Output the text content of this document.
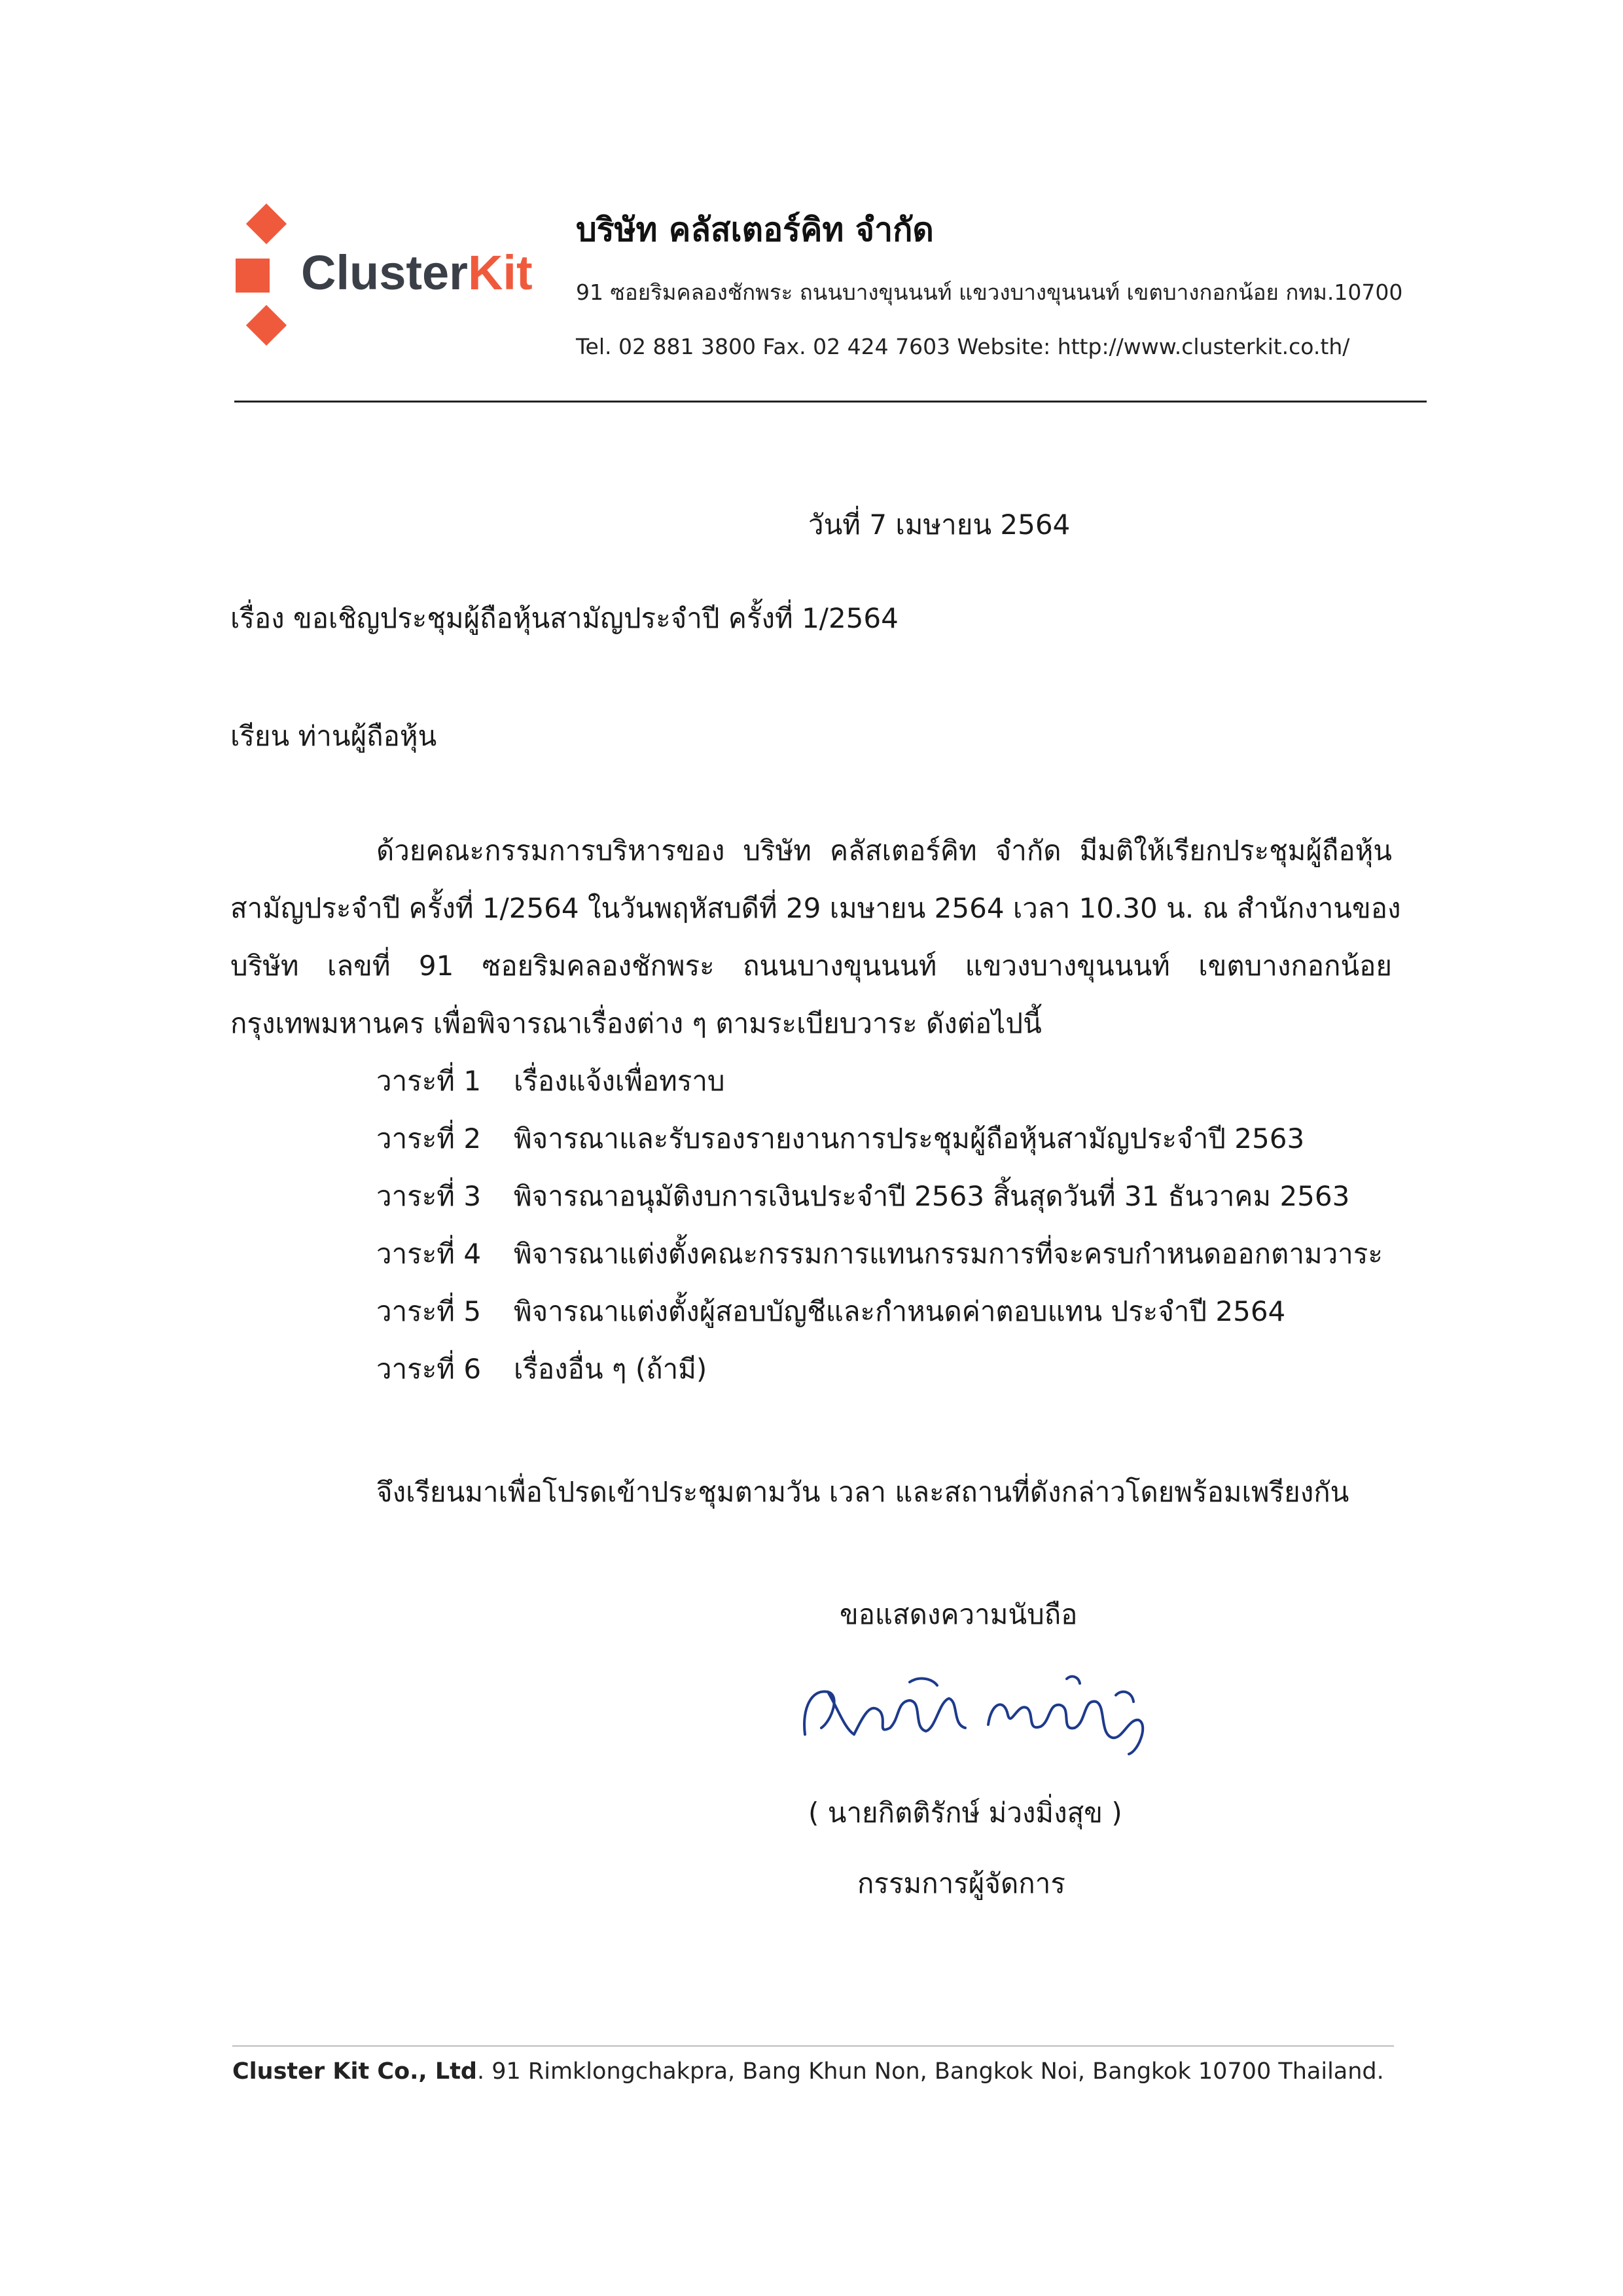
ClusterKit
บริษัท คลัสเตอร์คิท จำกัด
91 ซอยริมคลองชักพระ ถนนบางขุนนนท์ แขวงบางขุนนนท์ เขตบางกอกน้อย กทม.10700
Tel. 02 881 3800 Fax. 02 424 7603 Website: http://www.clusterkit.co.th/
วันที่ 7 เมษายน 2564
เรื่อง ขอเชิญประชุมผู้ถือหุ้นสามัญประจำปี ครั้งที่ 1/2564
เรียน ท่านผู้ถือหุ้น
ด้วยคณะกรรมการบริหารของ บริษัท คลัสเตอร์คิท จำกัด มีมติให้เรียกประชุมผู้ถือหุ้น
สามัญประจำปี ครั้งที่ 1/2564 ในวันพฤหัสบดีที่ 29 เมษายน 2564 เวลา 10.30 น. ณ สำนักงานของ
บริษัท เลขที่ 91 ซอยริมคลองชักพระ ถนนบางขุนนนท์ แขวงบางขุนนนท์ เขตบางกอกน้อย
กรุงเทพมหานคร เพื่อพิจารณาเรื่องต่าง ๆ ตามระเบียบวาระ ดังต่อไปนี้
วาระที่ 1 เรื่องแจ้งเพื่อทราบ
วาระที่ 2 พิจารณาและรับรองรายงานการประชุมผู้ถือหุ้นสามัญประจำปี 2563
วาระที่ 3 พิจารณาอนุมัติงบการเงินประจำปี 2563 สิ้นสุดวันที่ 31 ธันวาคม 2563
วาระที่ 4 พิจารณาแต่งตั้งคณะกรรมการแทนกรรมการที่จะครบกำหนดออกตามวาระ
วาระที่ 5 พิจารณาแต่งตั้งผู้สอบบัญชีและกำหนดค่าตอบแทน ประจำปี 2564
วาระที่ 6 เรื่องอื่น ๆ (ถ้ามี)
จึงเรียนมาเพื่อโปรดเข้าประชุมตามวัน เวลา และสถานที่ดังกล่าวโดยพร้อมเพรียงกัน
ขอแสดงความนับถือ
( นายกิตติรักษ์ ม่วงมิ่งสุข )
กรรมการผู้จัดการ
Cluster Kit Co., Ltd. 91 Rimklongchakpra, Bang Khun Non, Bangkok Noi, Bangkok 10700 Thailand.
